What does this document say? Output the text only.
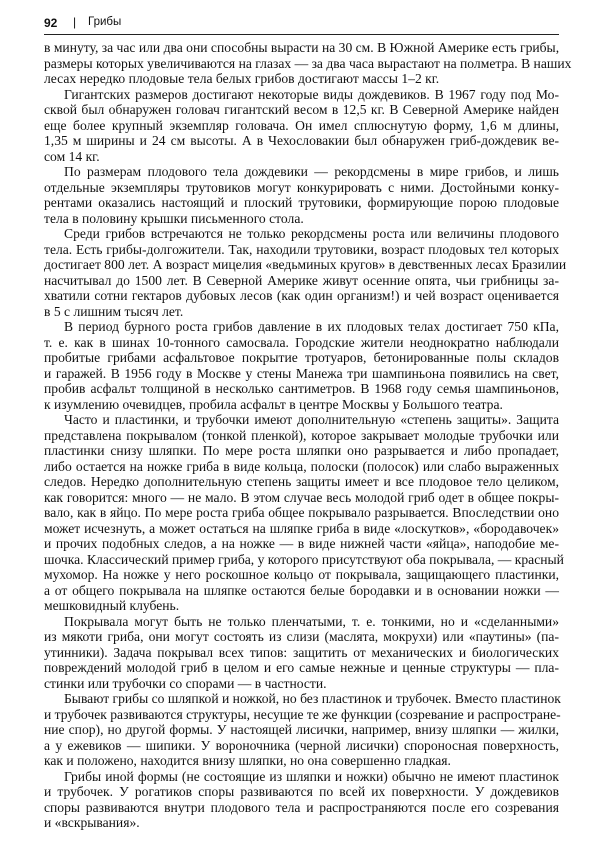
92 | Грибы
в минуту, за час или два они способны вырасти на 30 см. В Южной Америке есть грибы,
размеры которых увеличиваются на глазах — за два часа вырастают на полметра. В наших
лесах нередко плодовые тела белых грибов достигают массы 1–2 кг.
Гигантских размеров достигают некоторые виды дождевиков. В 1967 году под Мо-
сквой был обнаружен головач гигантский весом в 12,5 кг. В Северной Америке найден
еще более крупный экземпляр головача. Он имел сплюснутую форму, 1,6 м длины,
1,35 м ширины и 24 см высоты. А в Чехословакии был обнаружен гриб-дождевик ве-
сом 14 кг.
По размерам плодового тела дождевики — рекордсмены в мире грибов, и лишь
отдельные экземпляры трутовиков могут конкурировать с ними. Достойными конку-
рентами оказались настоящий и плоский трутовики, формирующие порою плодовые
тела в половину крышки письменного стола.
Среди грибов встречаются не только рекордсмены роста или величины плодового
тела. Есть грибы-долгожители. Так, находили трутовики, возраст плодовых тел которых
достигает 800 лет. А возраст мицелия «ведьминых кругов» в девственных лесах Бразилии
насчитывал до 1500 лет. В Северной Америке живут осенние опята, чьи грибницы за-
хватили сотни гектаров дубовых лесов (как один организм!) и чей возраст оценивается
в 5 с лишним тысяч лет.
В период бурного роста грибов давление в их плодовых телах достигает 750 кПа,
т. е. как в шинах 10-тонного самосвала. Городские жители неоднократно наблюдали
пробитые грибами асфальтовое покрытие тротуаров, бетонированные полы складов
и гаражей. В 1956 году в Москве у стены Манежа три шампиньона появились на свет,
пробив асфальт толщиной в несколько сантиметров. В 1968 году семья шампиньонов,
к изумлению очевидцев, пробила асфальт в центре Москвы у Большого театра.
Часто и пластинки, и трубочки имеют дополнительную «степень защиты». Защита
представлена покрывалом (тонкой пленкой), которое закрывает молодые трубочки или
пластинки снизу шляпки. По мере роста шляпки оно разрывается и либо пропадает,
либо остается на ножке гриба в виде кольца, полоски (полосок) или слабо выраженных
следов. Нередко дополнительную степень защиты имеет и все плодовое тело целиком,
как говорится: много — не мало. В этом случае весь молодой гриб одет в общее покры-
вало, как в яйцо. По мере роста гриба общее покрывало разрывается. Впоследствии оно
может исчезнуть, а может остаться на шляпке гриба в виде «лоскутков», «бородавочек»
и прочих подобных следов, а на ножке — в виде нижней части «яйца», наподобие ме-
шочка. Классический пример гриба, у которого присутствуют оба покрывала, — красный
мухомор. На ножке у него роскошное кольцо от покрывала, защищающего пластинки,
а от общего покрывала на шляпке остаются белые бородавки и в основании ножки —
мешковидный клубень.
Покрывала могут быть не только пленчатыми, т. е. тонкими, но и «сделанными»
из мякоти гриба, они могут состоять из слизи (маслята, мокрухи) или «паутины» (па-
утинники). Задача покрывал всех типов: защитить от механических и биологических
повреждений молодой гриб в целом и его самые нежные и ценные структуры — пла-
стинки или трубочки со спорами — в частности.
Бывают грибы со шляпкой и ножкой, но без пластинок и трубочек. Вместо пластинок
и трубочек развиваются структуры, несущие те же функции (созревание и распростране-
ние спор), но другой формы. У настоящей лисички, например, внизу шляпки — жилки,
а у ежевиков — шипики. У вороночника (черной лисички) спороносная поверхность,
как и положено, находится внизу шляпки, но она совершенно гладкая.
Грибы иной формы (не состоящие из шляпки и ножки) обычно не имеют пластинок
и трубочек. У рогатиков споры развиваются по всей их поверхности. У дождевиков
споры развиваются внутри плодового тела и распространяются после его созревания
и «вскрывания».
